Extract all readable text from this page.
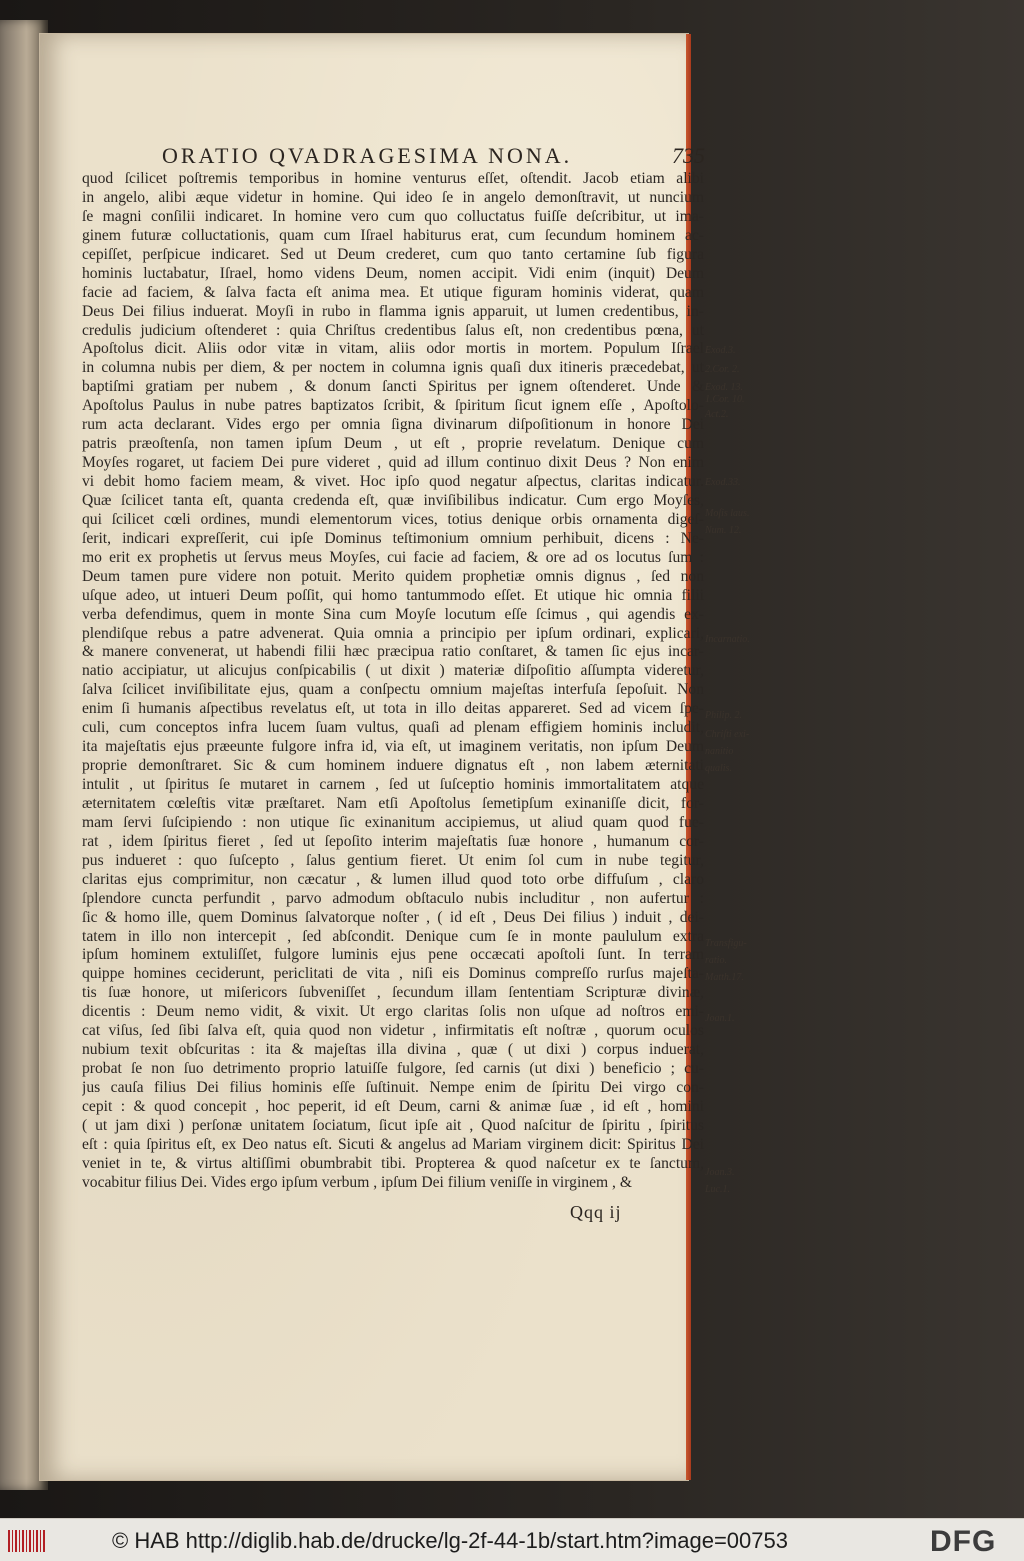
ORATIO QVADRAGESIMA NONA.	735
quod ſcilicet poſtremis temporibus in homine venturus eſſet, oſtendit. Jacob etiam alibi
in angelo, alibi æque videtur in homine. Qui ideo ſe in angelo demonſtravit, ut nuncium
ſe magni conſilii indicaret. In homine vero cum quo colluctatus fuiſſe deſcribitur, ut ima-
ginem futuræ colluctationis, quam cum Iſrael habiturus erat, cum ſecundum hominem ac-
cepiſſet, perſpicue indicaret. Sed ut Deum crederet, cum quo tanto certamine ſub figura
hominis luctabatur, Iſrael, homo videns Deum, nomen accipit. Vidi enim (inquit) Deum
facie ad faciem, & ſalva facta eſt anima mea. Et utique figuram hominis viderat, quam
Deus Dei filius induerat. Moyſi in rubo in flamma ignis apparuit, ut lumen credentibus, in-
credulis judicium oſtenderet : quia Chriſtus credentibus ſalus eſt, non credentibus pœna, ut
Apoſtolus dicit. Aliis odor vitæ in vitam, aliis odor mortis in mortem. Populum Iſrael
in columna nubis per diem, & per noctem in columna ignis quaſi dux itineris præcedebat, ut
baptiſmi gratiam per nubem , & donum ſancti Spiritus per ignem oſtenderet. Unde &
Apoſtolus Paulus in nube patres baptizatos ſcribit, & ſpiritum ſicut ignem eſſe , Apoſtolo-
rum acta declarant. Vides ergo per omnia ſigna divinarum diſpoſitionum in honore Dei
patris præoſtenſa, non tamen ipſum Deum , ut eſt , proprie revelatum. Denique cum
Moyſes rogaret, ut faciem Dei pure videret , quid ad illum continuo dixit Deus ? Non enim
vi debit homo faciem meam, & vivet. Hoc ipſo quod negatur aſpectus, claritas indicatur.
Quæ ſcilicet tanta eſt, quanta credenda eſt, quæ inviſibilibus indicatur. Cum ergo Moyſes,
qui ſcilicet cœli ordines, mundi elementorum vices, totius denique orbis ornamenta digeſ-
ſerit, indicari expreſſerit, cui ipſe Dominus teſtimonium omnium perhibuit, dicens : Ne-
mo erit ex prophetis ut ſervus meus Moyſes, cui facie ad faciem, & ore ad os locutus ſum :
Deum tamen pure videre non potuit. Merito quidem prophetiæ omnis dignus , ſed non
uſque adeo, ut intueri Deum poſſit, qui homo tantummodo eſſet. Et utique hic omnia filii
verba defendimus, quem in monte Sina cum Moyſe locutum eſſe ſcimus , qui agendis ex-
plendiſque rebus a patre advenerat. Quia omnia a principio per ipſum ordinari, explicari,
& manere convenerat, ut habendi filii hæc præcipua ratio conſtaret, & tamen ſic ejus incar-
natio accipiatur, ut alicujus conſpicabilis ( ut dixit ) materiæ diſpoſitio aſſumpta videretur,
ſalva ſcilicet inviſibilitate ejus, quam a conſpectu omnium majeſtas interfuſa ſepoſuit. Non
enim ſi humanis aſpectibus revelatus eſt, ut tota in illo deitas appareret. Sed ad vicem ſpe-
culi, cum conceptos infra lucem ſuam vultus, quaſi ad plenam effigiem hominis includit,
ita majeſtatis ejus præeunte fulgore infra id, via eſt, ut imaginem veritatis, non ipſum Deum
proprie demonſtraret. Sic & cum hominem induere dignatus eſt , non labem æternitati
intulit , ut ſpiritus ſe mutaret in carnem , ſed ut ſuſceptio hominis immortalitatem atque
æternitatem cœleſtis vitæ præſtaret. Nam etſi Apoſtolus ſemetipſum exinaniſſe dicit, for-
mam ſervi ſuſcipiendo : non utique ſic exinanitum accipiemus, ut aliud quam quod fue-
rat , idem ſpiritus fieret , ſed ut ſepoſito interim majeſtatis ſuæ honore , humanum cor-
pus indueret : quo ſuſcepto , ſalus gentium fieret. Ut enim ſol cum in nube tegitur,
claritas ejus comprimitur, non cæcatur , & lumen illud quod toto orbe diffuſum , claro
ſplendore cuncta perfundit , parvo admodum obſtaculo nubis includitur , non aufertur :
ſic & homo ille, quem Dominus ſalvatorque noſter , ( id eſt , Deus Dei filius ) induit , dei-
tatem in illo non intercepit , ſed abſcondit. Denique cum ſe in monte paululum extra
ipſum hominem extuliſſet, fulgore luminis ejus pene occæcati apoſtoli ſunt. In terram
quippe homines ceciderunt, periclitati de vita , niſi eis Dominus compreſſo rurſus majeſta-
tis ſuæ honore, ut miſericors ſubveniſſet , ſecundum illam ſententiam Scripturæ divinæ,
dicentis : Deum nemo vidit, & vixit. Ut ergo claritas ſolis non uſque ad noſtros emi-
cat viſus, ſed ſibi ſalva eſt, quia quod non videtur , infirmitatis eſt noſtræ , quorum oculos
nubium texit obſcuritas : ita & majeſtas illa divina , quæ ( ut dixi ) corpus induerat,
probat ſe non ſuo detrimento proprio latuiſſe fulgore, ſed carnis (ut dixi ) beneficio ; cu-
jus cauſa filius Dei filius hominis eſſe ſuſtinuit. Nempe enim de ſpiritu Dei virgo con-
cepit : & quod concepit , hoc peperit, id eſt Deum, carni & animæ ſuæ , id eſt , homini
( ut jam dixi ) perſonæ unitatem ſociatum, ſicut ipſe ait , Quod naſcitur de ſpiritu , ſpiritus
eſt : quia ſpiritus eſt, ex Deo natus eſt. Sicuti & angelus ad Mariam virginem dicit: Spiritus Dei
veniet in te, & virtus altiſſimi obumbrabit tibi. Propterea & quod naſcetur ex te ſanctum,
vocabitur filius Dei. Vides ergo ipſum verbum , ipſum Dei filium veniſſe in virginem , &
Exod.3.
2.Cor. 2.
Exod. 13.
1.Cor. 10.
Act.2.
Exod.33.
Moſis laus.
Num. 12.
Incarnatio.
Philip. 2.
Chriſti exi-
nanitio
qualis.
Transfigu-
ratio.
Matth.17.
Joan.1.
Joan.3.
Luc.1.
Qqq ij
© HAB http://diglib.hab.de/drucke/lg-2f-44-1b/start.htm?image=00753	DFG
